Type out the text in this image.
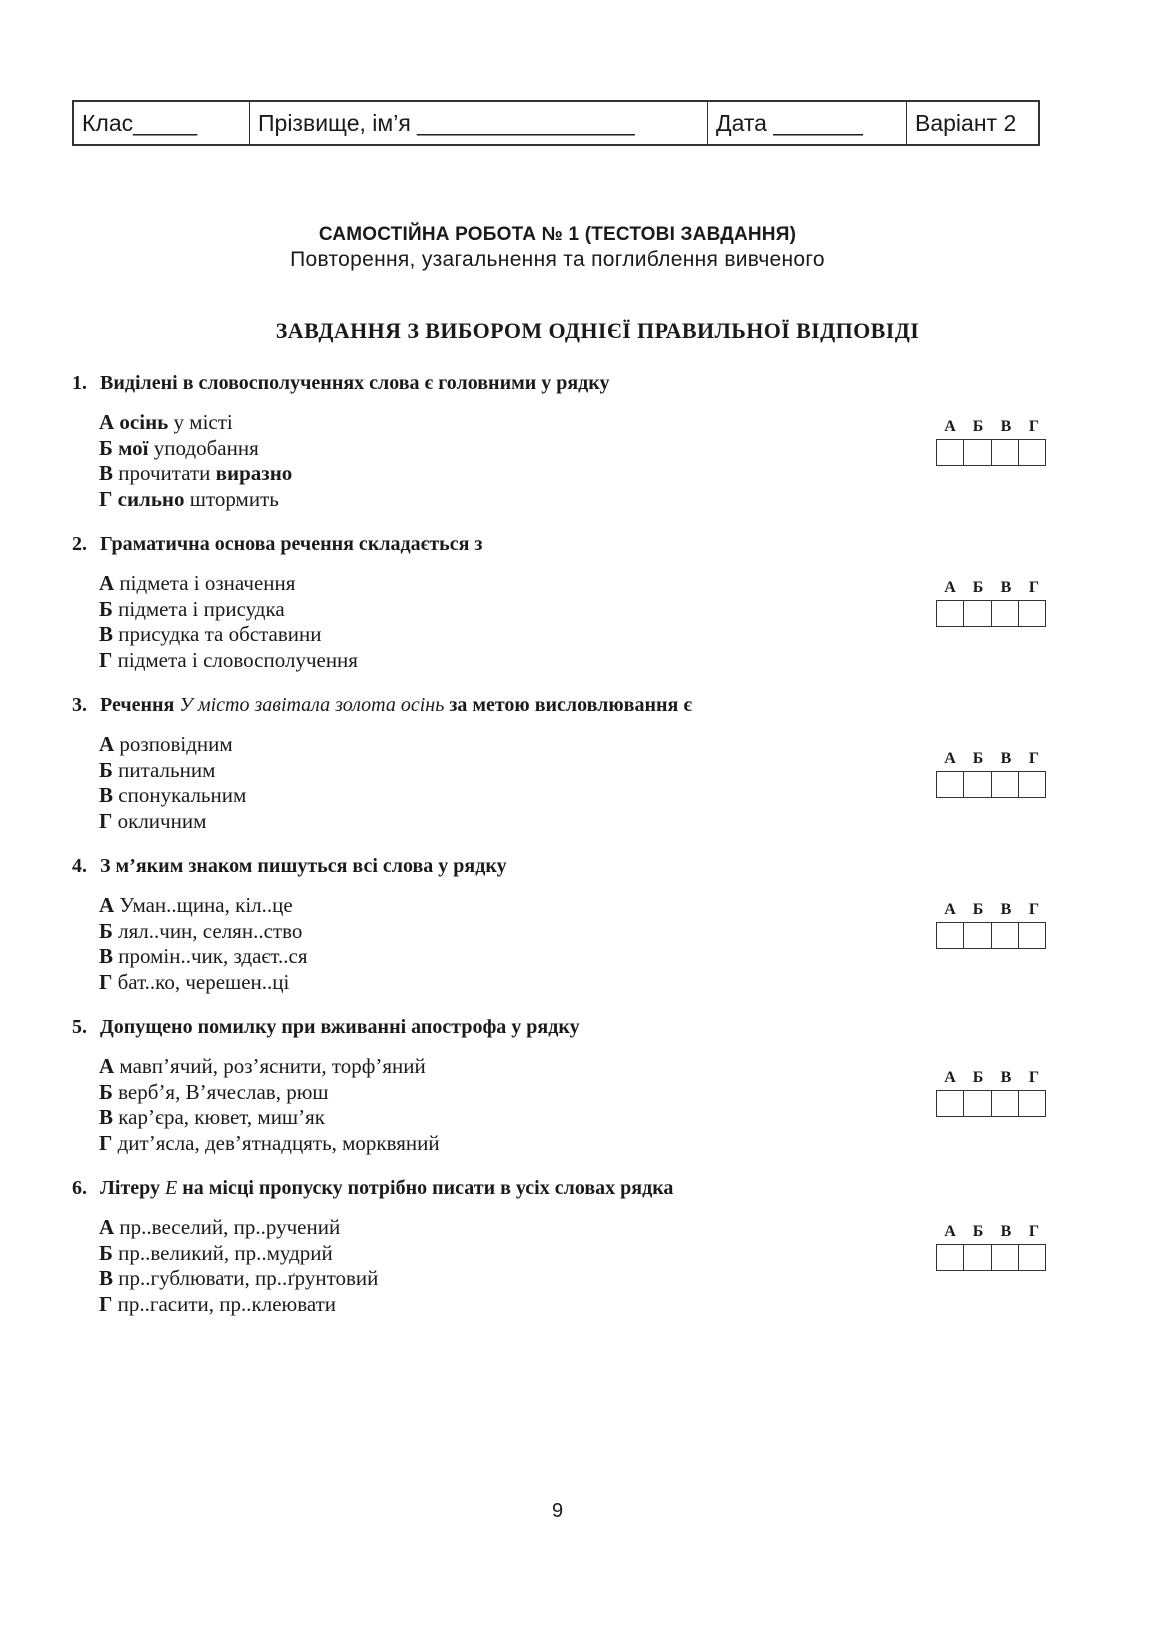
Клас_____	Прізвище, ім’я _________________	Дата _______ Варіант 2
САМОСТІЙНА РОБОТА № 1 (ТЕСТОВІ ЗАВДАННЯ)
Повторення, узагальнення та поглиблення вивченого
ЗАВДАННЯ З ВИБОРОМ ОДНІЄЇ ПРАВИЛЬНОЇ ВІДПОВІДІ
1. Виділені в словосполученнях слова є головними у рядку
А осінь у місті
Б мої уподобання
В прочитати виразно
Г сильно штормить
А	Б	В	Г
2. Граматична основа речення складається з
А підмета і означення
Б підмета і присудка
В присудка та обставини
Г підмета і словосполучення
А	Б	В	Г
3. Речення У місто завітала золота осінь за метою висловлювання є
А розповідним
Б питальним
В спонукальним
Г окличним
А	Б	В	Г
4. З м’яким знаком пишуться всі слова у рядку
А Уман..щина, кіл..це
Б лял..чин, селян..ство
В промін..чик, здаєт..ся
Г бат..ко, черешен..ці
А	Б	В	Г
5. Допущено помилку при вживанні апострофа у рядку
А мавп’ячий, роз’яснити, торф’яний
Б верб’я, В’ячеслав, рюш
В кар’єра, кювет, миш’як
Г дит’ясла, дев’ятнадцять, морквяний
А	Б	В	Г
6. Літеру Е на місці пропуску потрібно писати в усіх словах рядка
А пр..веселий, пр..ручений
Б пр..великий, пр..мудрий
В пр..гублювати, пр..ґрунтовий
Г пр..гасити, пр..клеювати
А	Б	В	Г
9
